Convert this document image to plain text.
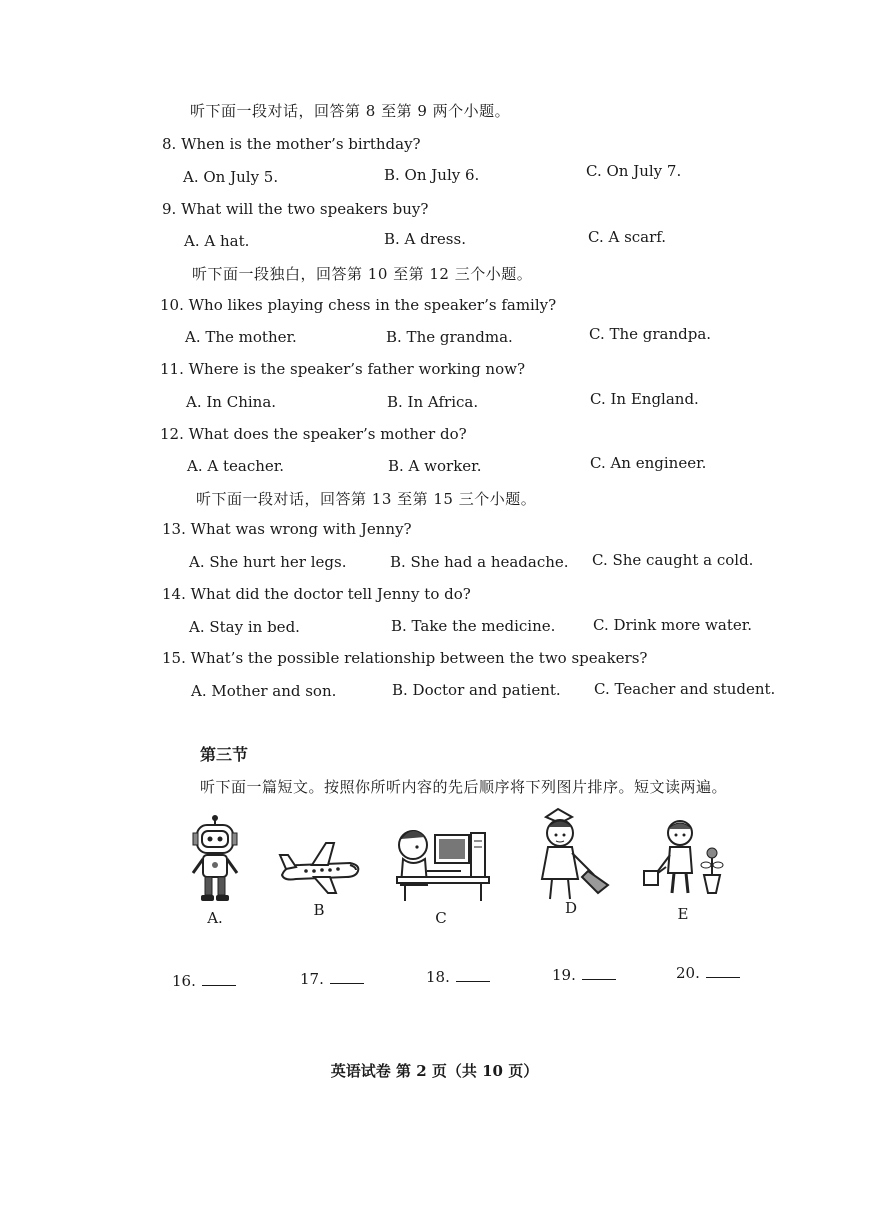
听下面一段对话，回答第 8 至第 9 两个小题。
8. When is the mother’s birthday?
A. On July 5.	B. On July 6.	C. On July 7.
9. What will the two speakers buy?
A. A hat.	B. A dress.	C. A scarf.
听下面一段独白，回答第 10 至第 12 三个小题。
10. Who likes playing chess in the speaker’s family?
A. The mother.	B. The grandma.	C. The grandpa.
11. Where is the speaker’s father working now?
A. In China.	B. In Africa.	C. In England.
12. What does the speaker’s mother do?
A. A teacher.	B. A worker.	C. An engineer.
听下面一段对话，回答第 13 至第 15 三个小题。
13. What was wrong with Jenny?
A. She hurt her legs.	B. She had a headache. C. She caught a cold.
14. What did the doctor tell Jenny to do?
A. Stay in bed.	B. Take the medicine.	C. Drink more water.
15. What’s the possible relationship between the two speakers?
A. Mother and son.	B. Doctor and patient. C. Teacher and student.
第三节
听下面一篇短文。按照你所听内容的先后顺序将下列图片排序。短文读两遍。
A.	B	C
D	E
16.	17.	18.	19.	20.
英语试卷 第 2 页（共 10 页）
